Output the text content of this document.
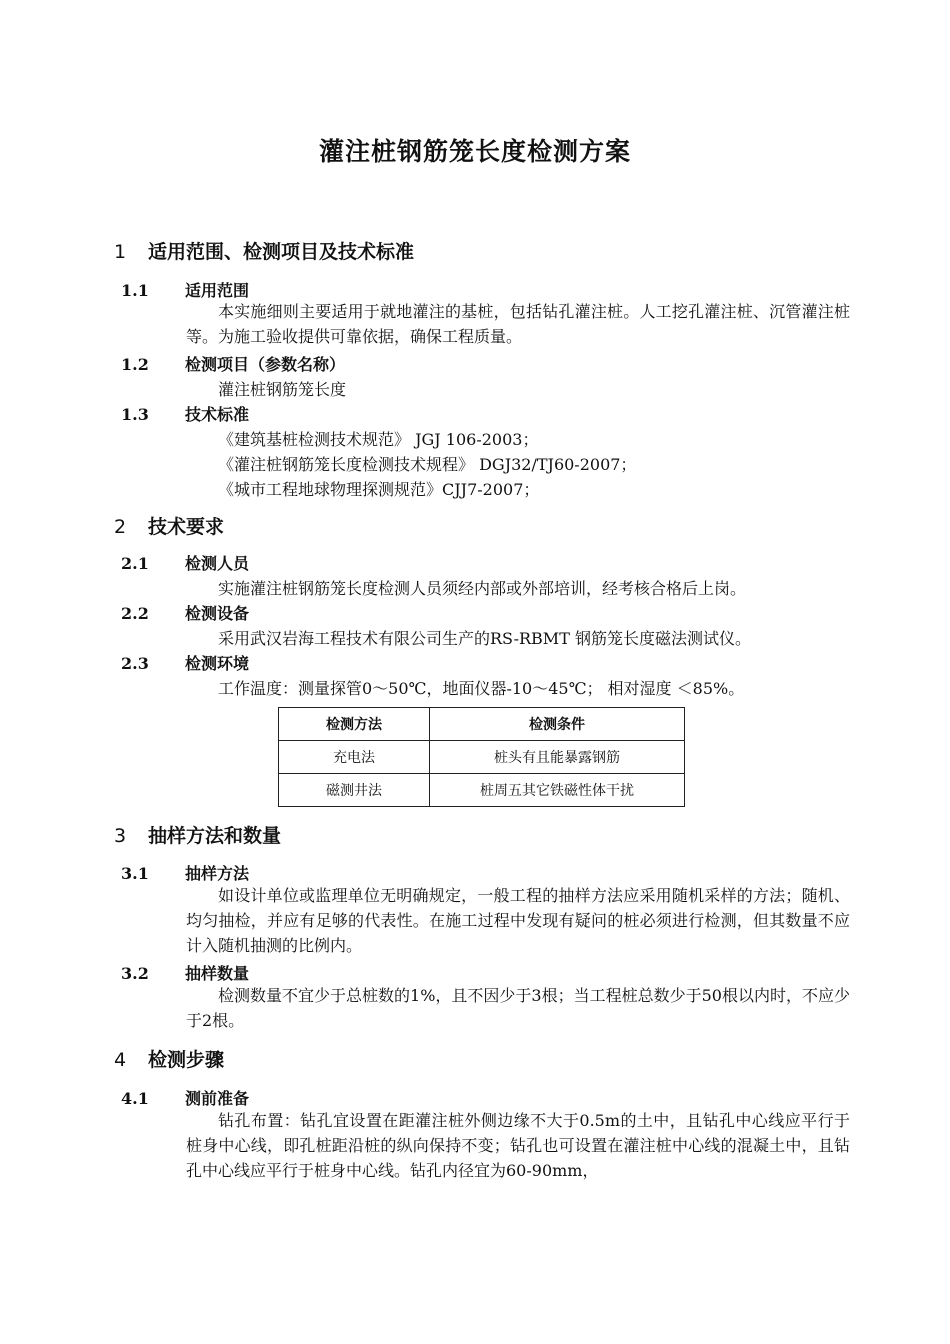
灌注桩钢筋笼长度检测方案
1 适用范围、检测项目及技术标准
1.1 适用范围
本实施细则主要适用于就地灌注的基桩，包括钻孔灌注桩。人工挖孔灌注桩、沉管灌注桩等。为施工验收提供可靠依据，确保工程质量。
1.2 检测项目（参数名称）
灌注桩钢筋笼长度
1.3 技术标准
《建筑基桩检测技术规范》 JGJ 106-2003；
《灌注桩钢筋笼长度检测技术规程》 DGJ32/TJ60-2007；
《城市工程地球物理探测规范》CJJ7-2007；
2 技术要求
2.1 检测人员
实施灌注桩钢筋笼长度检测人员须经内部或外部培训，经考核合格后上岗。
2.2 检测设备
采用武汉岩海工程技术有限公司生产的RS-RBMT 钢筋笼长度磁法测试仪。
2.3 检测环境
工作温度：测量探管0～50℃，地面仪器-10～45℃； 相对湿度 ＜85%。
检测方法	检测条件
充电法	桩头有且能暴露钢筋
磁测井法	桩周五其它铁磁性体干扰
3 抽样方法和数量
3.1 抽样方法
如设计单位或监理单位无明确规定，一般工程的抽样方法应采用随机采样的方法；随机、均匀抽检，并应有足够的代表性。在施工过程中发现有疑问的桩必须进行检测，但其数量不应计入随机抽测的比例内。
3.2 抽样数量
检测数量不宜少于总桩数的1%，且不因少于3根；当工程桩总数少于50根以内时，不应少于2根。
4 检测步骤
4.1 测前准备
钻孔布置：钻孔宜设置在距灌注桩外侧边缘不大于0.5m的土中，且钻孔中心线应平行于桩身中心线，即孔桩距沿桩的纵向保持不变；钻孔也可设置在灌注桩中心线的混凝土中，且钻孔中心线应平行于桩身中心线。钻孔内径宜为60-90mm，
